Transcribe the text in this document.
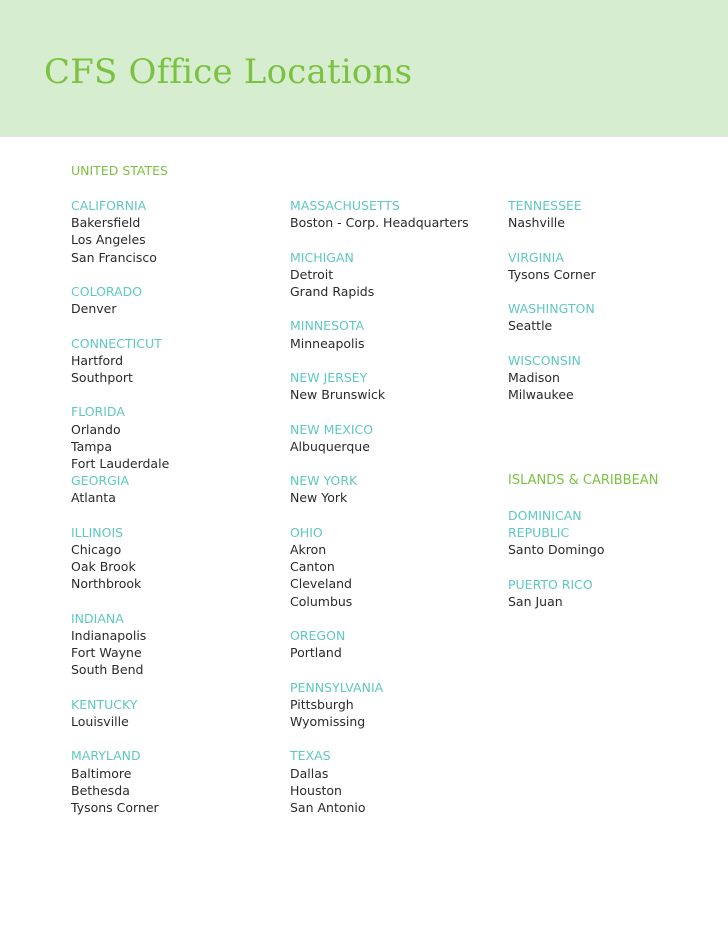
CFS Office Locations
UNITED STATES
CALIFORNIA
Bakersfield
Los Angeles
San Francisco
COLORADO
Denver
CONNECTICUT
Hartford
Southport
FLORIDA
Orlando
Tampa
Fort Lauderdale
GEORGIA
Atlanta
ILLINOIS
Chicago
Oak Brook
Northbrook
INDIANA
Indianapolis
Fort Wayne
South Bend
KENTUCKY
Louisville
MARYLAND
Baltimore
Bethesda
Tysons Corner
MASSACHUSETTS
Boston - Corp. Headquarters
MICHIGAN
Detroit
Grand Rapids
MINNESOTA
Minneapolis
NEW JERSEY
New Brunswick
NEW MEXICO
Albuquerque
NEW YORK
New York
OHIO
Akron
Canton
Cleveland
Columbus
OREGON
Portland
PENNSYLVANIA
Pittsburgh
Wyomissing
TEXAS
Dallas
Houston
San Antonio
TENNESSEE
Nashville
VIRGINIA
Tysons Corner
WASHINGTON
Seattle
WISCONSIN
Madison
Milwaukee
ISLANDS & CARIBBEAN
DOMINICAN REPUBLIC
Santo Domingo
PUERTO RICO
San Juan
